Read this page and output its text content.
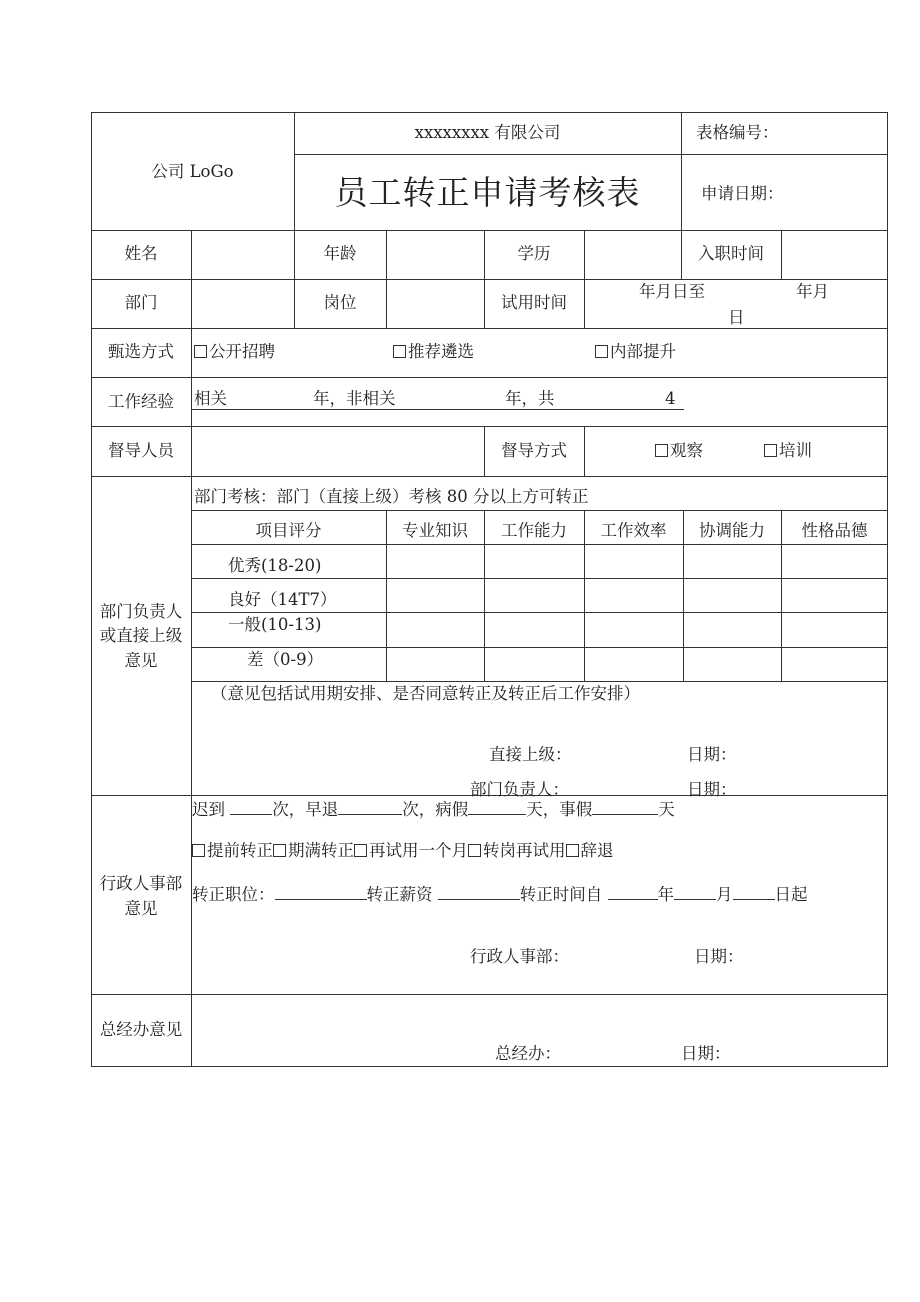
公司 LoGo
xxxxxxxx 有限公司
员工转正申请考核表
表格编号：
申请日期：
姓名	年龄	学历	入职时间
部门	岗位	试用时间
年月日至	年月
日
甄选方式	公开招聘	推荐遴选	内部提升
工作经验	相关	年，非相关	年，共	4
督导人员	督导方式	观察	培训
部门负责人
或直接上级
意见
部门考核：部门（直接上级）考核 80 分以上方可转正
项目评分	专业知识	工作能力	工作效率	协调能力	性格品德
优秀(18-20)
良好（14T7）
一般(10-13)
差（0-9）
（意见包括试用期安排、是否同意转正及转正后工作安排）
直接上级：	日期：
部门负责人：	日期：
行政人事部
意见
迟到	次，早退	次，病假	天，事假	天
提前转正 期满转正 再试用一个月 转岗再试用 辞退
转正职位：	转正薪资	转正时间自	年	月	日起
行政人事部：	日期：
总经办意见
总经办：	日期：
